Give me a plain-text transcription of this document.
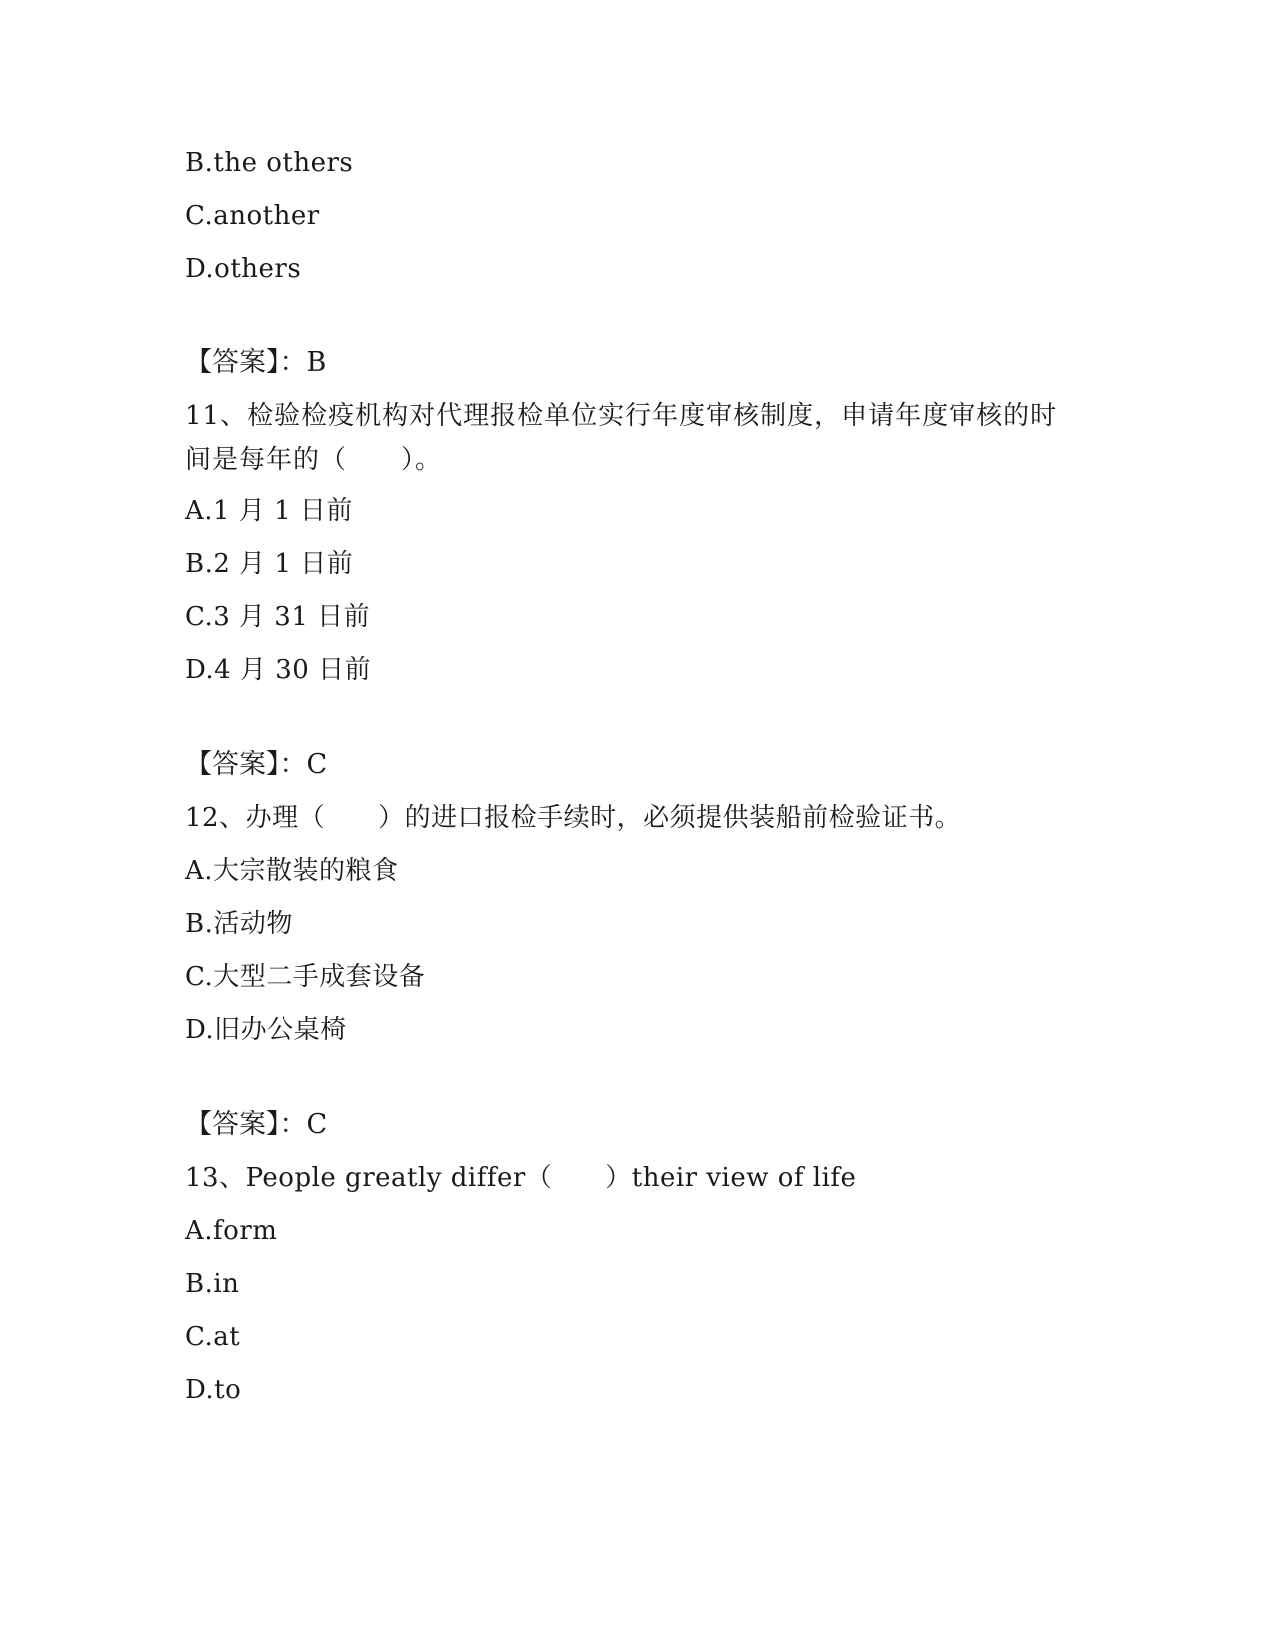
B.the others
C.another
D.others
【答案】：B
11、检验检疫机构对代理报检单位实行年度审核制度，申请年度审核的时间是每年的（　　）。
A.1 月 1 日前
B.2 月 1 日前
C.3 月 31 日前
D.4 月 30 日前
【答案】：C
12、办理（　　）的进口报检手续时，必须提供装船前检验证书。
A.大宗散装的粮食
B.活动物
C.大型二手成套设备
D.旧办公桌椅
【答案】：C
13、People greatly differ（　　）their view of life
A.form
B.in
C.at
D.to
